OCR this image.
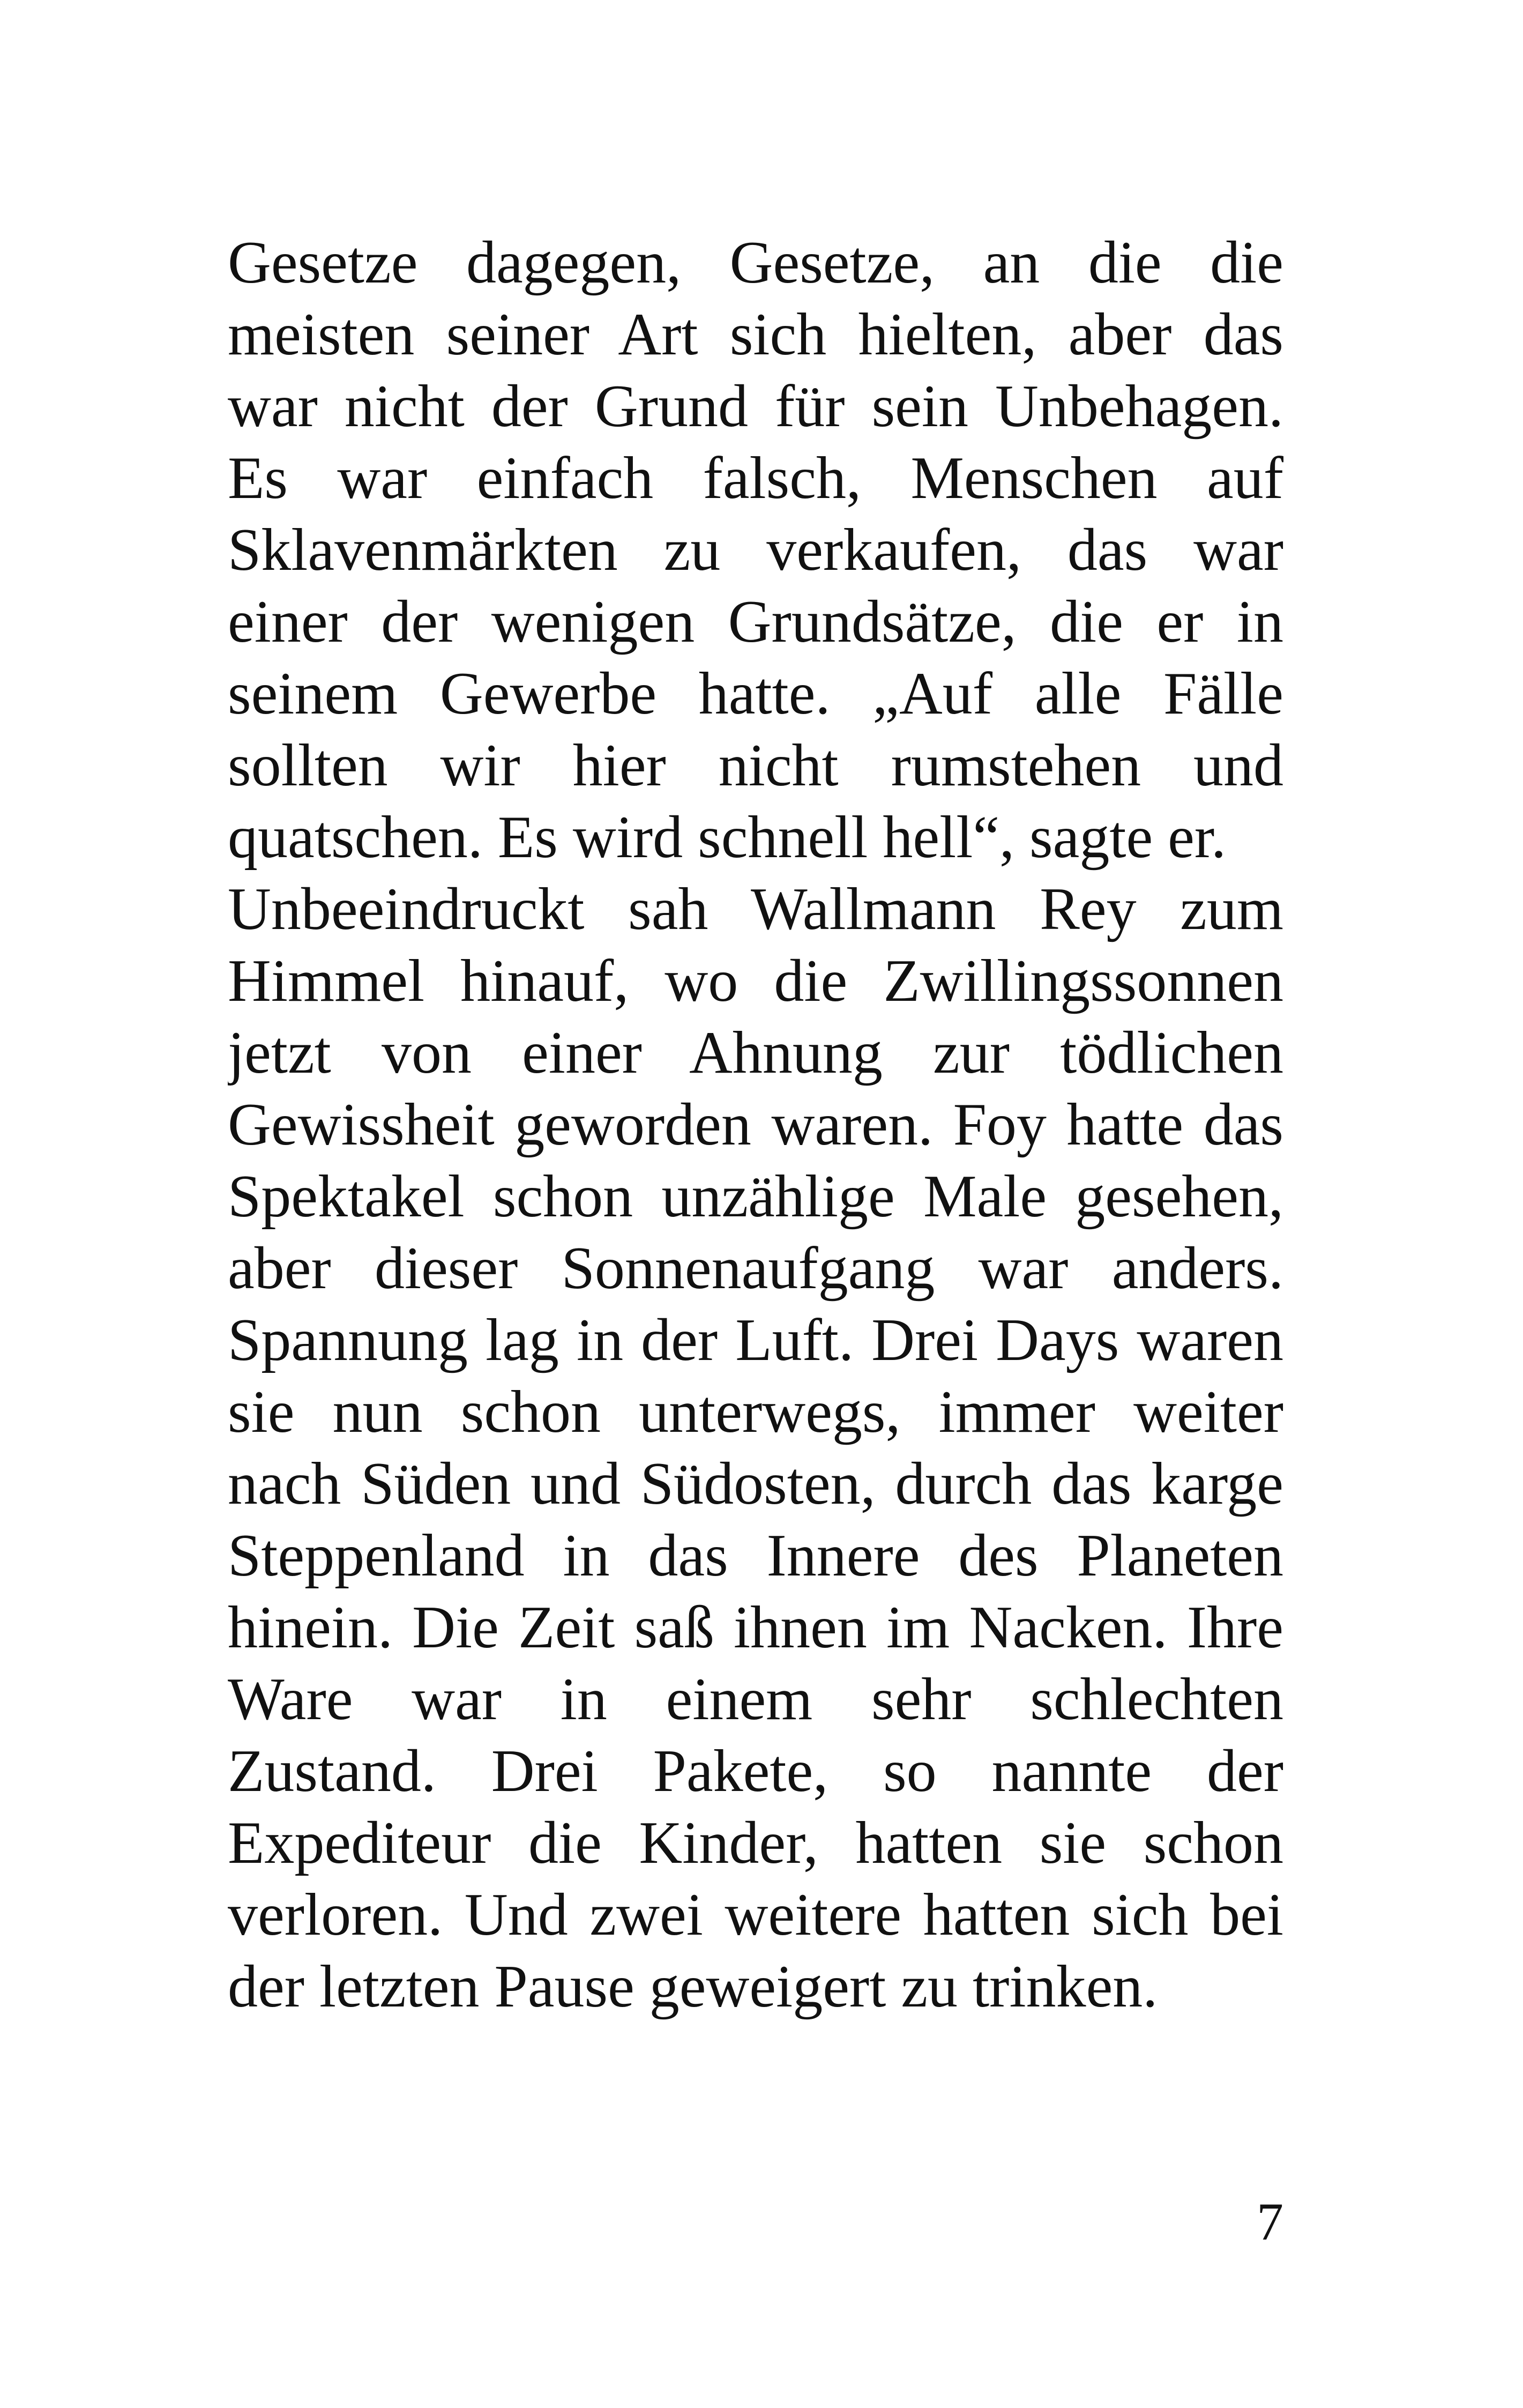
Gesetze dagegen, Gesetze, an die die
meisten seiner Art sich hielten, aber das
war nicht der Grund für sein Unbehagen.
Es war einfach falsch, Menschen auf
Sklavenmärkten zu verkaufen, das war
einer der wenigen Grundsätze, die er in
seinem Gewerbe hatte. „Auf alle Fälle
sollten wir hier nicht rumstehen und
quatschen. Es wird schnell hell“, sagte er.
Unbeeindruckt sah Wallmann Rey zum
Himmel hinauf, wo die Zwillingssonnen
jetzt von einer Ahnung zur tödlichen
Gewissheit geworden waren. Foy hatte das
Spektakel schon unzählige Male gesehen,
aber dieser Sonnenaufgang war anders.
Spannung lag in der Luft. Drei Days waren
sie nun schon unterwegs, immer weiter
nach Süden und Südosten, durch das karge
Steppenland in das Innere des Planeten
hinein. Die Zeit saß ihnen im Nacken. Ihre
Ware war in einem sehr schlechten
Zustand. Drei Pakete, so nannte der
Expediteur die Kinder, hatten sie schon
verloren. Und zwei weitere hatten sich bei
der letzten Pause geweigert zu trinken.
7
